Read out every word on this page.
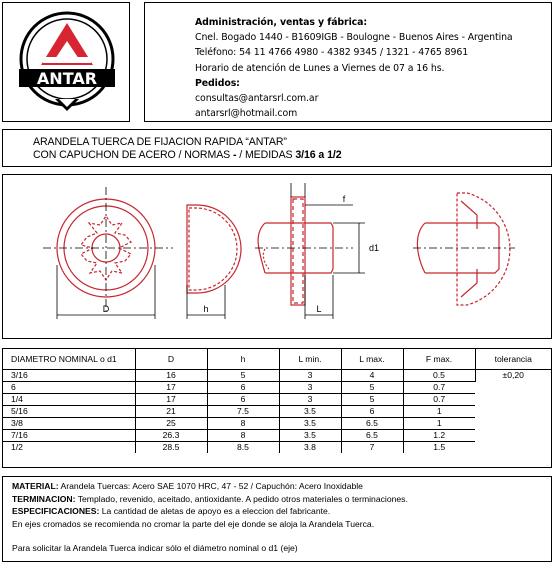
ANTAR
Administración, ventas y fábrica:
Cnel. Bogado 1440 - B1609IGB - Boulogne - Buenos Aires - Argentina
Teléfono: 54 11 4766 4980 - 4382 9345 / 1321 - 4765 8961
Horario de atención de Lunes a Viernes de 07 a 16 hs.
Pedidos:
consultas@antarsrl.com.ar
antarsrl@hotmail.com
ARANDELA TUERCA DE FIJACION RAPIDA “ANTAR”
CON CAPUCHON DE ACERO / NORMAS - / MEDIDAS 3/16 a 1/2
D	h
f
d1
L
DIAMETRO NOMINAL o d1	D	h	L min.	L max.	F max.	tolerancia
3/16	16	5	3	4	0.5	±0,20
6	17	6	3	5	0.7	
1/4	17	6	3	5	0.7	
5/16	21	7.5	3.5	6	1	
3/8	25	8	3.5	6.5	1	
7/16	26.3	8	3.5	6.5	1.2	
1/2	28.5	8.5	3.8	7	1.5	
MATERIAL: Arandela Tuercas: Acero SAE 1070 HRC, 47 - 52 / Capuchón: Acero Inoxidable
TERMINACION: Templado, revenido, aceitado, antioxidante. A pedido otros materiales o terminaciones.
ESPECIFICACIONES: La cantidad de aletas de apoyo es a eleccion del fabricante.
En ejes cromados se recomienda no cromar la parte del eje donde se aloja la Arandela Tuerca.
Para solicitar la Arandela Tuerca indicar sólo el diámetro nominal o d1 (eje)
